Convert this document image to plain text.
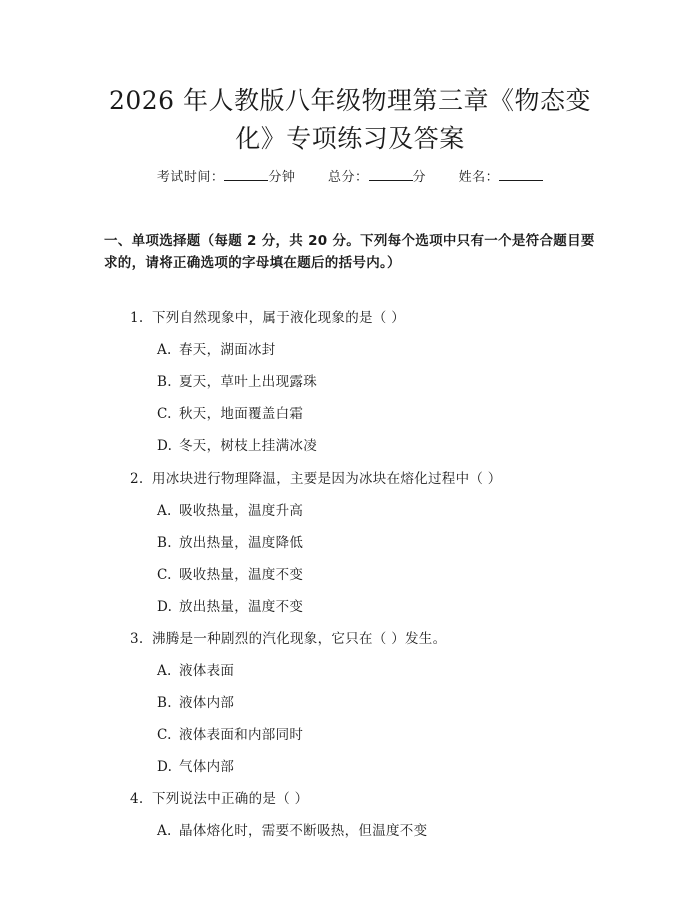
2026 年人教版八年级物理第三章《物态变
化》专项练习及答案
考试时间：	分钟	总分：	分	姓名：
一、单项选择题（每题 2 分，共 20 分。下列每个选项中只有一个是符合题目要求的，请将正确选项的字母填在题后的括号内。）
1. 下列自然现象中，属于液化现象的是（ ）
A. 春天，湖面冰封
B. 夏天，草叶上出现露珠
C. 秋天，地面覆盖白霜
D. 冬天，树枝上挂满冰凌
2. 用冰块进行物理降温，主要是因为冰块在熔化过程中（ ）
A. 吸收热量，温度升高
B. 放出热量，温度降低
C. 吸收热量，温度不变
D. 放出热量，温度不变
3. 沸腾是一种剧烈的汽化现象，它只在（ ）发生。
A. 液体表面
B. 液体内部
C. 液体表面和内部同时
D. 气体内部
4. 下列说法中正确的是（ ）
A. 晶体熔化时，需要不断吸热，但温度不变
